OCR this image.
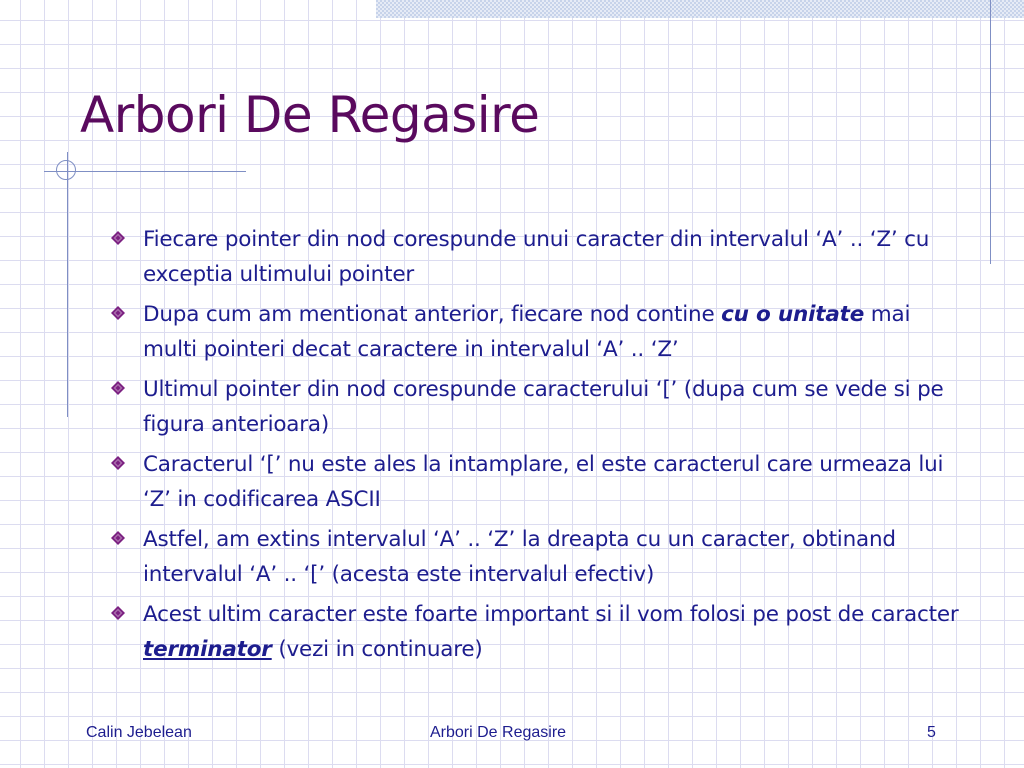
Arbori De Regasire
Fiecare pointer din nod corespunde unui caracter din intervalul ‘A’ .. ‘Z’ cu exceptia ultimului pointer
Dupa cum am mentionat anterior, fiecare nod contine cu o unitate mai multi pointeri decat caractere in intervalul ‘A’ .. ‘Z’
Ultimul pointer din nod corespunde caracterului ‘[’ (dupa cum se vede si pe figura anterioara)
Caracterul ‘[’ nu este ales la intamplare, el este caracterul care urmeaza lui ‘Z’ in codificarea ASCII
Astfel, am extins intervalul ‘A’ .. ‘Z’ la dreapta cu un caracter, obtinand intervalul ‘A’ .. ‘[’ (acesta este intervalul efectiv)
Acest ultim caracter este foarte important si il vom folosi pe post de caracter terminator (vezi in continuare)
Calin Jebelean	Arbori De Regasire	5
